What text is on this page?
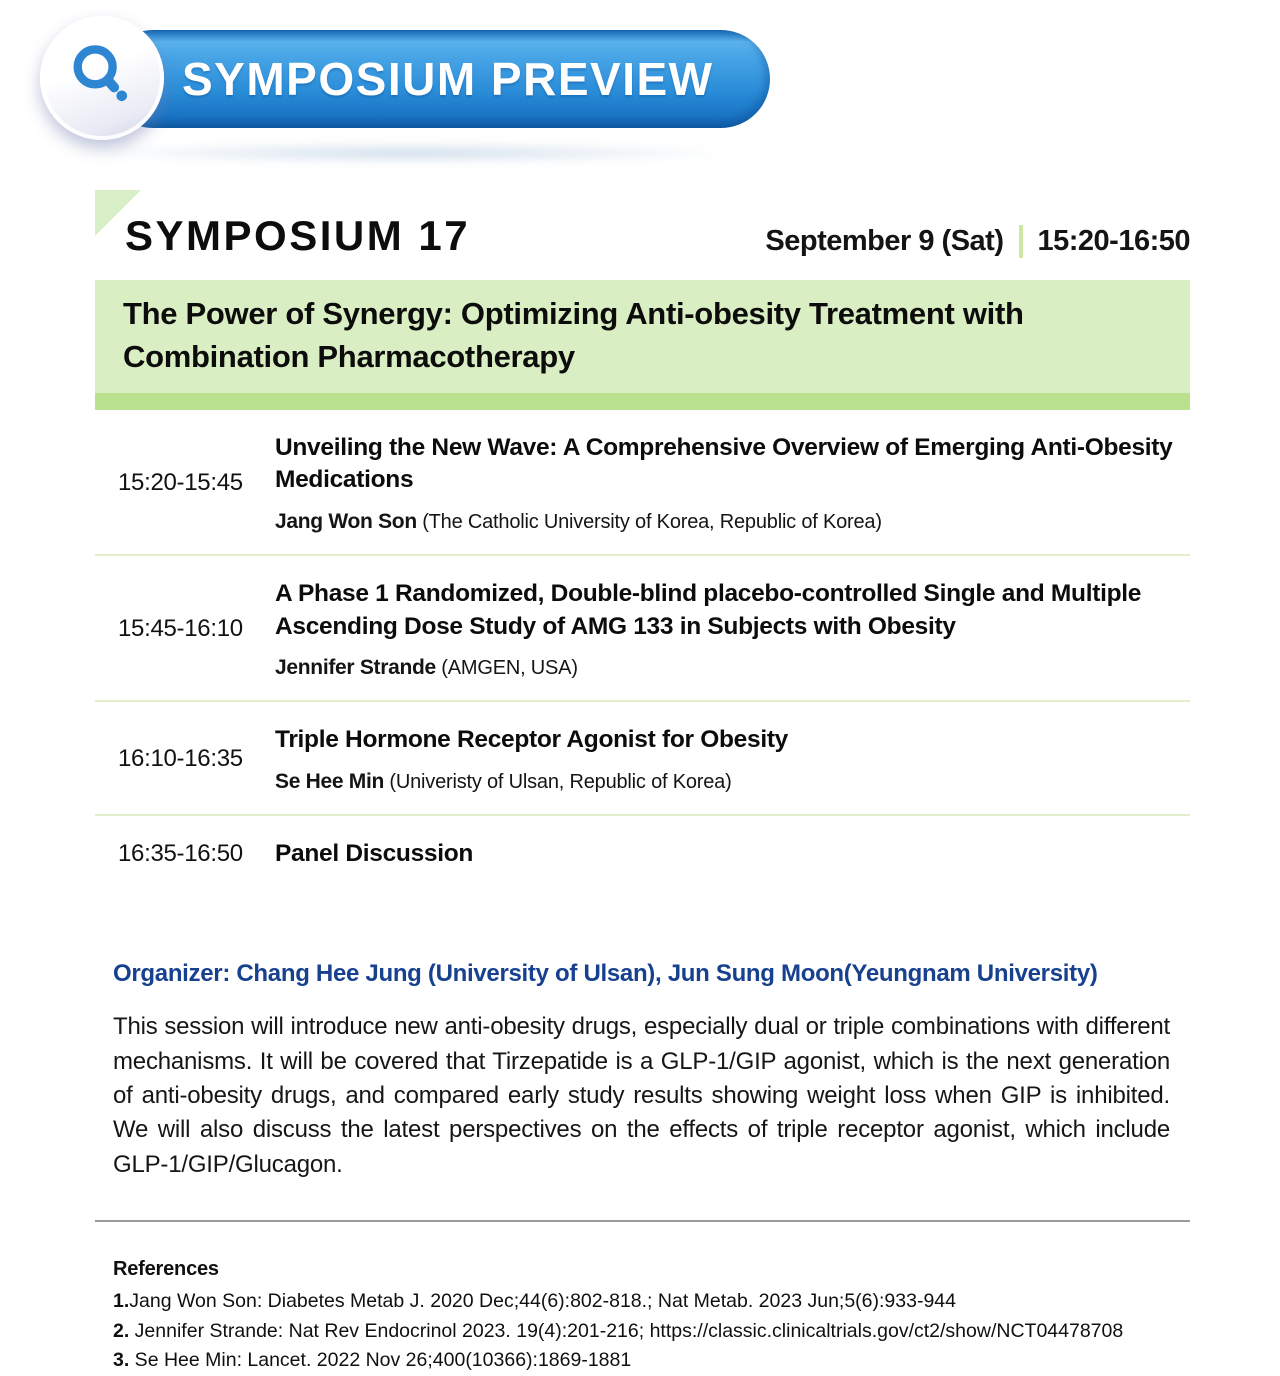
SYMPOSIUM PREVIEW
SYMPOSIUM 17	September 9 (Sat) 15:20-16:50
The Power of Synergy: Optimizing Anti-obesity Treatment with Combination Pharmacotherapy
15:20-15:45
Unveiling the New Wave: A Comprehensive Overview of Emerging Anti-Obesity Medications
Jang Won Son (The Catholic University of Korea, Republic of Korea)
15:45-16:10
A Phase 1 Randomized, Double-blind placebo-controlled Single and Multiple Ascending Dose Study of AMG 133 in Subjects with Obesity
Jennifer Strande (AMGEN, USA)
16:10-16:35
Triple Hormone Receptor Agonist for Obesity
Se Hee Min (Univeristy of Ulsan, Republic of Korea)
16:35-16:50	Panel Discussion
Organizer: Chang Hee Jung (University of Ulsan), Jun Sung Moon(Yeungnam University)
This session will introduce new anti-obesity drugs, especially dual or triple combinations with different mechanisms. It will be covered that Tirzepatide is a GLP-1/GIP agonist, which is the next generation of anti-obesity drugs, and compared early study results showing weight loss when GIP is inhibited. We will also discuss the latest perspectives on the effects of triple receptor agonist, which include GLP-1/GIP/Glucagon.
References
1.Jang Won Son: Diabetes Metab J. 2020 Dec;44(6):802-818.; Nat Metab. 2023 Jun;5(6):933-944
2. Jennifer Strande: Nat Rev Endocrinol 2023. 19(4):201-216; https://classic.clinicaltrials.gov/ct2/show/NCT04478708
3. Se Hee Min: Lancet. 2022 Nov 26;400(10366):1869-1881
